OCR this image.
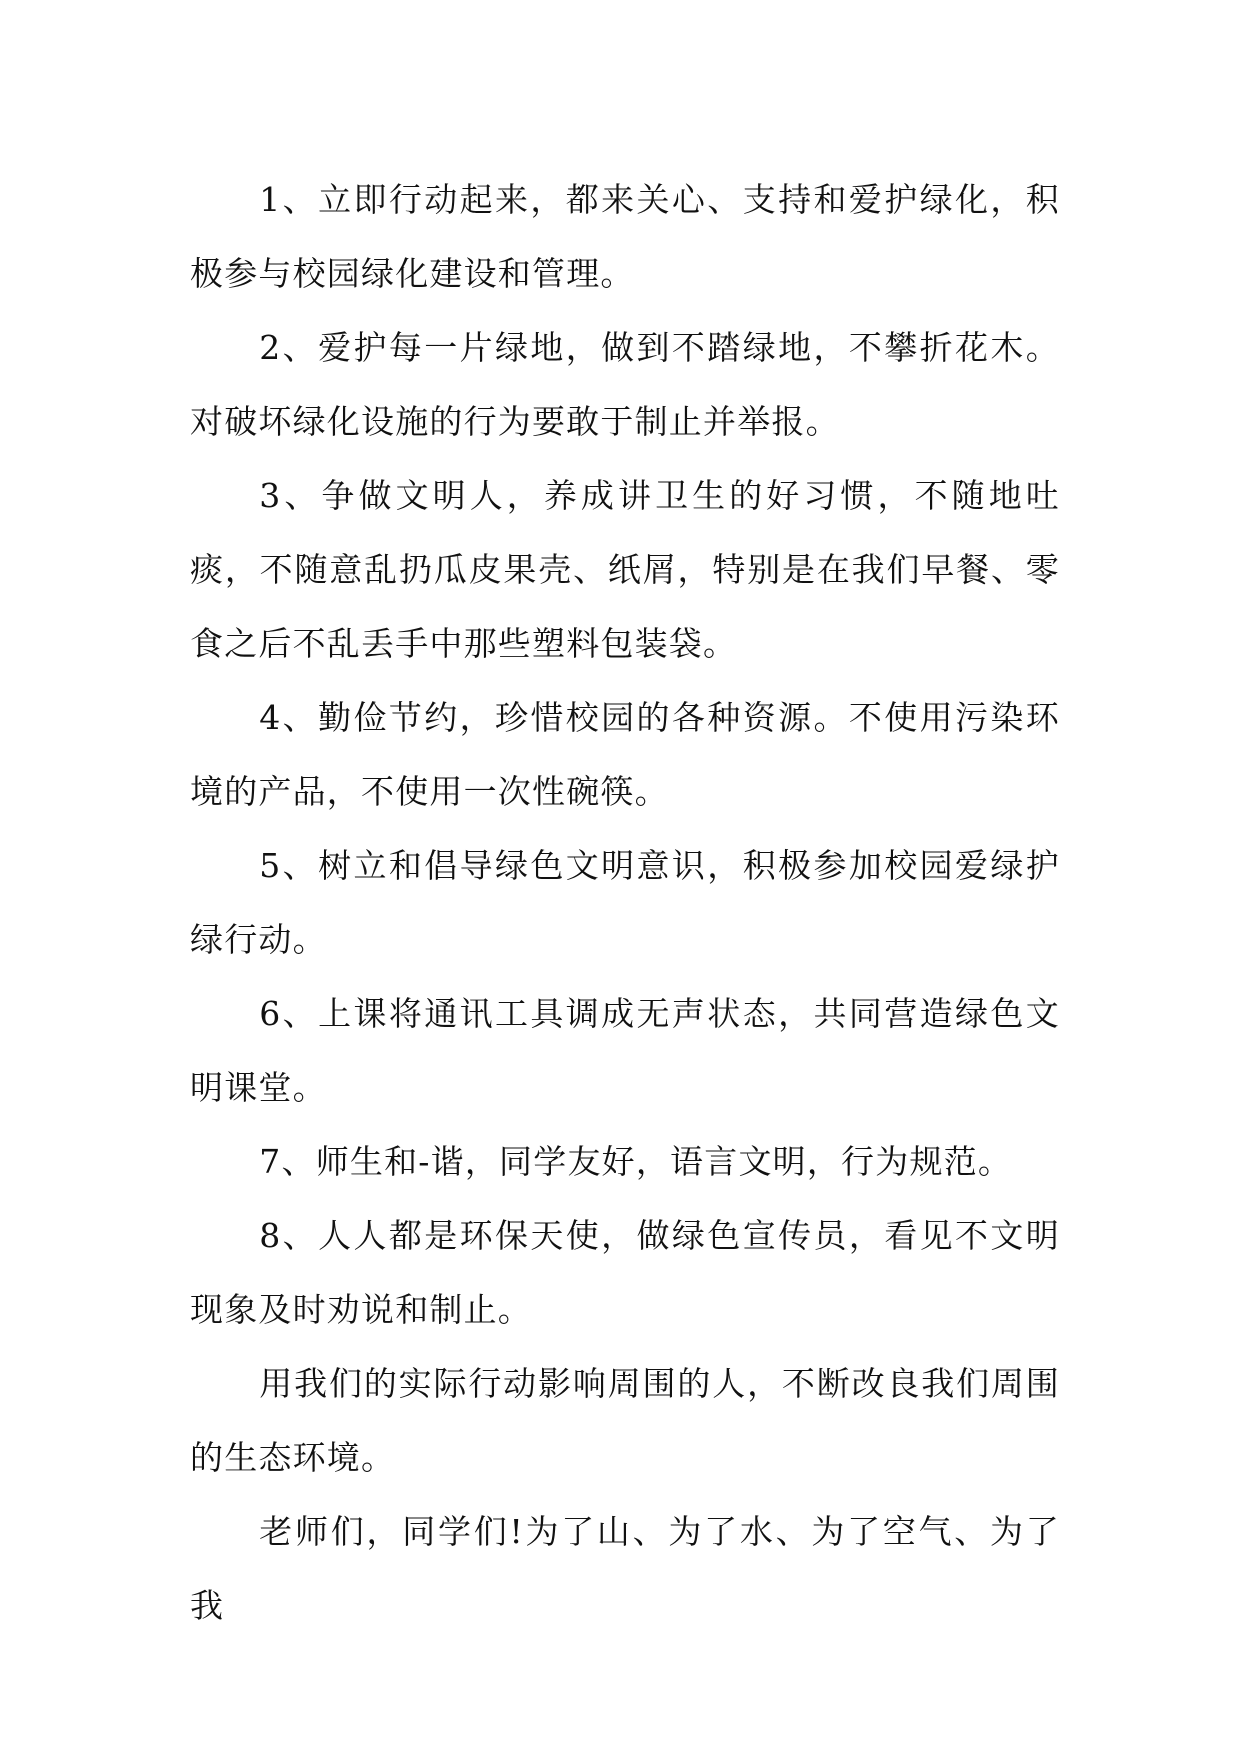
1、立即行动起来，都来关心、支持和爱护绿化，积极参与校园绿化建设和管理。

2、爱护每一片绿地，做到不踏绿地，不攀折花木。对破坏绿化设施的行为要敢于制止并举报。

3、争做文明人，养成讲卫生的好习惯，不随地吐痰，不随意乱扔瓜皮果壳、纸屑，特别是在我们早餐、零食之后不乱丢手中那些塑料包装袋。

4、勤俭节约，珍惜校园的各种资源。不使用污染环境的产品，不使用一次性碗筷。

5、树立和倡导绿色文明意识，积极参加校园爱绿护绿行动。

6、上课将通讯工具调成无声状态，共同营造绿色文明课堂。

7、师生和-谐，同学友好，语言文明，行为规范。

8、人人都是环保天使，做绿色宣传员，看见不文明现象及时劝说和制止。

用我们的实际行动影响周围的人，不断改良我们周围的生态环境。

老师们，同学们!为了山、为了水、为了空气、为了我
